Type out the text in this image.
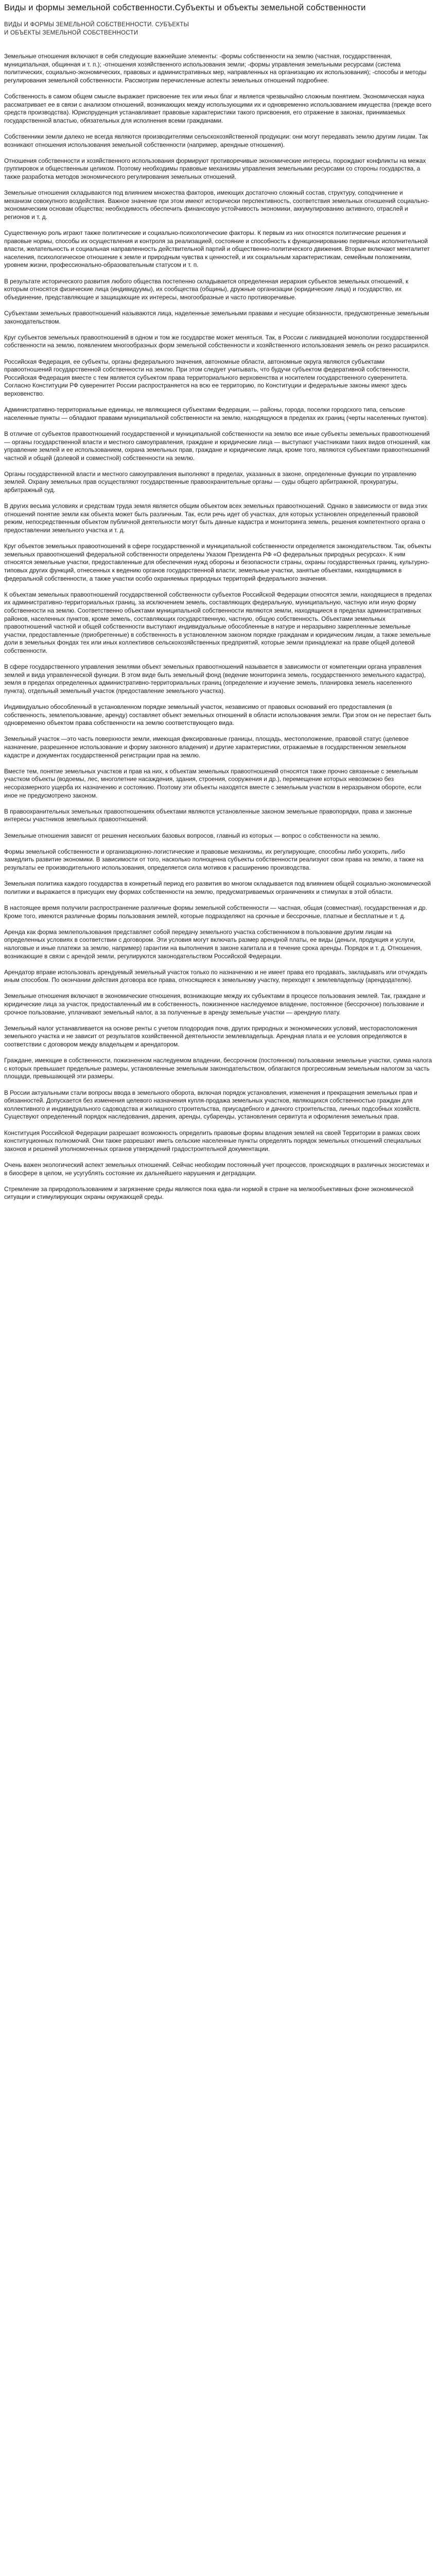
Виды и формы земельной собственности.Субъекты и объекты земельной собственности
ВИДЫ И ФОРМЫ ЗЕМЕЛЬНОЙ СОБСТВЕННОСТИ. СУБЪЕКТЫ
И ОБЪЕКТЫ ЗЕМЕЛЬНОЙ СОБСТВЕННОСТИ

Земельные отношения включают в себя следующие важнейшие элементы: -формы собственности на землю (частная, государственная, муниципальная, общинная и т. п.); -отношения хозяйственного использования земли; -формы управления земельными ресурсами (система политических, социально-экономических, правовых и административных мер, направленных на организацию их использования); -способы и методы регулирования земельной собственности. Рассмотрим перечисленные аспекты земельных отношений подробнее.

Собственность в самом общем смысле выражает присвоение тех или иных благ и является чрезвычайно сложным понятием. Экономическая наука рассматривает ее в связи с анализом отношений, возникающих между использующими их и одновременно использованием имущества (прежде всего средств производства). Юриспруденция устанавливает правовые характеристики такого присвоения, его отражение в законах, принимаемых государственной властью, обязательных для исполнения всеми гражданами.

Собственники земли далеко не всегда являются производителями сельскохозяйственной продукции: они могут передавать землю другим лицам. Так возникают отношения использования земельной собственности (например, арендные отношения).

Отношения собственности и хозяйственного использования формируют противоречивые экономические интересы, порождают конфликты на межах группировок и общественным целиком. Поэтому необходимы правовые механизмы управления земельными ресурсами со стороны государства, а также разработка методов экономического регулирования земельных отношений.

Земельные отношения складываются под влиянием множества факторов, имеющих достаточно сложный состав, структуру, соподчинение и механизм совокупного воздействия. Важное значение при этом имеют исторически перспективность, соответствия земельных отношений социально-экономическим основам общества; необходимость обеспечить финансовую устойчивость экономики, аккумулированию активного, отраслей и регионов и т. д.

Существенную роль играют также политические и социально-психологические факторы. К первым из них относятся политические решения и правовые нормы, способы их осуществления и контроля за реализацией, состояние и способность к функционированию первичных исполнительной власти, желательность и социальная направленность действительной партий и общественно-политического движения. Вторые включают менталитет населения, психологическое отношение к земле и природным чувства к ценностей, и их социальным характеристикам, семейным положениям, уровнем жизни, профессионально-образовательным статусом и т. п.

В результате исторического развития любого общества постепенно складывается определенная иерархия субъектов земельных отношений, к которым относятся физические лица (индивидуумы), их сообщества (общины), дружные организации (юридические лица) и государство, их объединение, представляющие и защищающие их интересы, многообразные и часто противоречивые.

Субъектами земельных правоотношений называются лица, наделенные земельными правами и несущие обязанности, предусмотренные земельным законодательством.

Круг субъектов земельных правоотношений в одном и том же государстве может меняться. Так, в России с ликвидацией монополии государственной собственности на землю, появлением многообразных форм земельной собственности и хозяйственного использования земель он резко расширился.

Российская Федерация, ее субъекты, органы федерального значения, автономные области, автономные округа являются субъектами правоотношений государственной собственности на землю. При этом следует учитывать, что будучи субъектом федеративной собственности, Российская Федерация вместе с тем является субъектом права территориального верховенства и носителем государственного суверенитета. Согласно Конституции РФ суверенитет России распространяется на всю ее территорию, по Конституции и федеральные законы имеют здесь верховенство.

Административно-территориальные единицы, не являющиеся субъектами Федерации, — районы, города, поселки городского типа, сельские населенные пункты — обладают правами муниципальной собственности на землю, находящуюся в пределах их границ (черты населенных пунктов).

В отличие от субъектов правоотношений государственной и муниципальной собственности на землю все иные субъекты земельных правоотношений — органы государственной власти и местного самоуправления, граждане и юридические лица — выступают участниками таких видов отношений, как управление землей и ее использованием, охрана земельных прав, граждане и юридические лица, кроме того, являются субъектами правоотношений частной и общей (долевой и совместной) собственности на землю.

Органы государственной власти и местного самоуправления выполняют в пределах, указанных в законе, определенные функции по управлению землей. Охрану земельных прав осуществляют государственные правоохранительные органы — суды общего арбитражной, прокуратуры, арбитражный суд.

В других весьма условиях и средствам труда земля является общим объектом всех земельных правоотношений. Однако в зависимости от вида этих отношений понятие земли как объекта может быть различным. Так, если речь идет об участках, для которых установлен определенный правовой режим, непосредственным объектом публичной деятельности могут быть данные кадастра и мониторинга земель, решения компетентного органа о предоставлении земельного участка и т. д.

Круг объектов земельных правоотношений в сфере государственной и муниципальной собственности определяется законодательством. Так, объекты земельных правоотношений федеральной собственности определены Указом Президента РФ «О федеральных природных ресурсах». К ним относятся земельные участки, предоставленные для обеспечения нужд обороны и безопасности страны, охраны государственных границ, культурно-типовых других функций, отнесенных к ведению органов государственной власти; земельные участки, занятые объектами, находящимися в федеральной собственности, а также участки особо охраняемых природных территорий федерального значения.

К объектам земельных правоотношений государственной собственности субъектов Российской Федерации относятся земли, находящиеся в пределах их административно-территориальных границ, за исключением земель, составляющих федеральную, муниципальную, частную или иную форму собственности на землю. Соответственно объектами муниципальной собственности являются земли, находящиеся в пределах административных районов, населенных пунктов, кроме земель, составляющих государственную, частную, общую собственность. Объектами земельных правоотношений частной и общей собственности выступают индивидуальные обособленные в натуре и неразрывно закрепленные земельные участки, предоставленные (приобретенные) в собственность в установленном законом порядке гражданам и юридическим лицам, а также земельные доли в земельных фондах тех или иных коллективов сельскохозяйственных предприятий, которые земли принадлежат на праве общей долевой собственности.

В сфере государственного управления землями объект земельных правоотношений называется в зависимости от компетенции органа управления землей и вида управленческой функции. В этом виде быть земельный фонд (ведение мониторинга земель, государственного земельного кадастра), земля в пределах определенных административно-территориальных границ (определение и изучение земель, планировка земель населенного пункта), отдельный земельный участок (предоставление земельного участка).

Индивидуально обособленный в установленном порядке земельный участок, независимо от правовых оснований его предоставления (в собственность, землепользование, аренду) составляет объект земельных отношений в области использования земли. При этом он не перестает быть одновременно объектом права собственности на землю соответствующего вида.

Земельный участок —это часть поверхности земли, имеющая фиксированные границы, площадь, местоположение, правовой статус (целевое назначение, разрешенное использование и форму законного владения) и другие характеристики, отражаемые в государственном земельном кадастре и документах государственной регистрации прав на землю.

Вместе тем, понятие земельных участков и прав на них, к объектам земельных правоотношений относятся также прочно связанные с земельным участком объекты (водоемы, лес, многолетние насаждения, здания, строения, сооружения и др.), перемещение которых невозможно без несоразмерного ущерба их назначению и состоянию. Поэтому эти объекты находятся вместе с земельным участком в неразрывном обороте, если иное не предусмотрено законом.

В правоохранительных земельных правоотношениях объектами являются установленные законом земельные правопорядки, права и законные интересы участников земельных правоотношений.

Земельные отношения зависят от решения нескольких базовых вопросов, главный из которых — вопрос о собственности на землю.

Формы земельной собственности и организационно-логистические и правовые механизмы, их регулирующие, способны либо ускорить, либо замедлить развитие экономики. В зависимости от того, насколько полноценна субъекты собственности реализуют свои права на землю, а также на результаты ее производительного использования, определяется сила мотивов к расширению производства.

Земельная политика каждого государства в конкретный период его развития во многом складывается под влиянием общей социально-экономической политики и выражается в присущих ему формах собственности на землю, предусматриваемых ограничениях и стимулах в этой области.

В настоящее время получили распространение различные формы земельной собственности — частная, общая (совместная), государственная и др. Кроме того, имеются различные формы пользования землей, которые подразделяют на срочные и бессрочные, платные и бесплатные и т. д.

Аренда как форма землепользования представляет собой передачу земельного участка собственником в пользование другим лицам на определенных условиях в соответствии с договором. Эти условия могут включать размер арендной платы, ее виды (деньги, продукция и услуги, налоговые и иные платежи за землю, например) гарантии на выполнения в законе капитала и в течение срока аренды. Порядок и т. д. Отношения, возникающие в связи с арендой земли, регулируются законодательством Российской Федерации.

Арендатор вправе использовать арендуемый земельный участок только по назначению и не имеет права его продавать, закладывать или отчуждать иным способом. По окончании действия договора все права, относящиеся к земельному участку, переходят к землевладельцу (арендодателю).

Земельные отношения включают в экономические отношения, возникающие между их субъектами в процессе пользования землей. Так, граждане и юридические лица за участок, предоставленный им в собственность, пожизненное наследуемое владение, постоянное (бессрочное) пользование и срочное пользование, уплачивают земельный налог, а за полученные в аренду земельные участки — арендную плату.

Земельный налог устанавливается на основе ренты с учетом плодородия почв, других природных и экономических условий, месторасположения земельного участка и не зависит от результатов хозяйственной деятельности землевладельца. Арендная плата и ее условия определяются в соответствии с договором между владельцем и арендатором.

Граждане, имеющие в собственности, пожизненном наследуемом владении, бессрочном (постоянном) пользовании земельные участки, сумма налога с которых превышает предельные размеры, установленные земельным законодательством, облагаются прогрессивным земельным налогом за часть площади, превышающей эти размеры.

В России актуальными стали вопросы ввода в земельного оборота, включая порядок установления, изменения и прекращения земельных прав и обязанностей. Допускается без изменения целевого назначения купля-продажа земельных участков, являющихся собственностью граждан для коллективного и индивидуального садоводства и жилищного строительства, приусадебного и дачного строительства, личных подсобных хозяйств. Существуют определенный порядок наследования, дарения, аренды, субаренды, установления сервитута и оформления земельных прав.

Конституция Российской Федерации разрешает возможность определить правовые формы владения землей на своей Территории в рамках своих конституционных полномочий. Они также разрешают иметь сельские населенные пункты определять порядок земельных отношений специальных законов и решений уполномоченных органов утверждений градостроительной документации.

Очень важен экологический аспект земельных отношений. Сейчас необходим постоянный учет процессов, происходящих в различных экосистемах и в биосфере в целом, не усугублять состояние их дальнейшего нарушения и деградации.

Стремление за природопользованием и загрязнение среды являются пока едва-ли нормой в стране на мелкообъективных фоне экономической ситуации и стимулирующих охраны окружающей среды.
